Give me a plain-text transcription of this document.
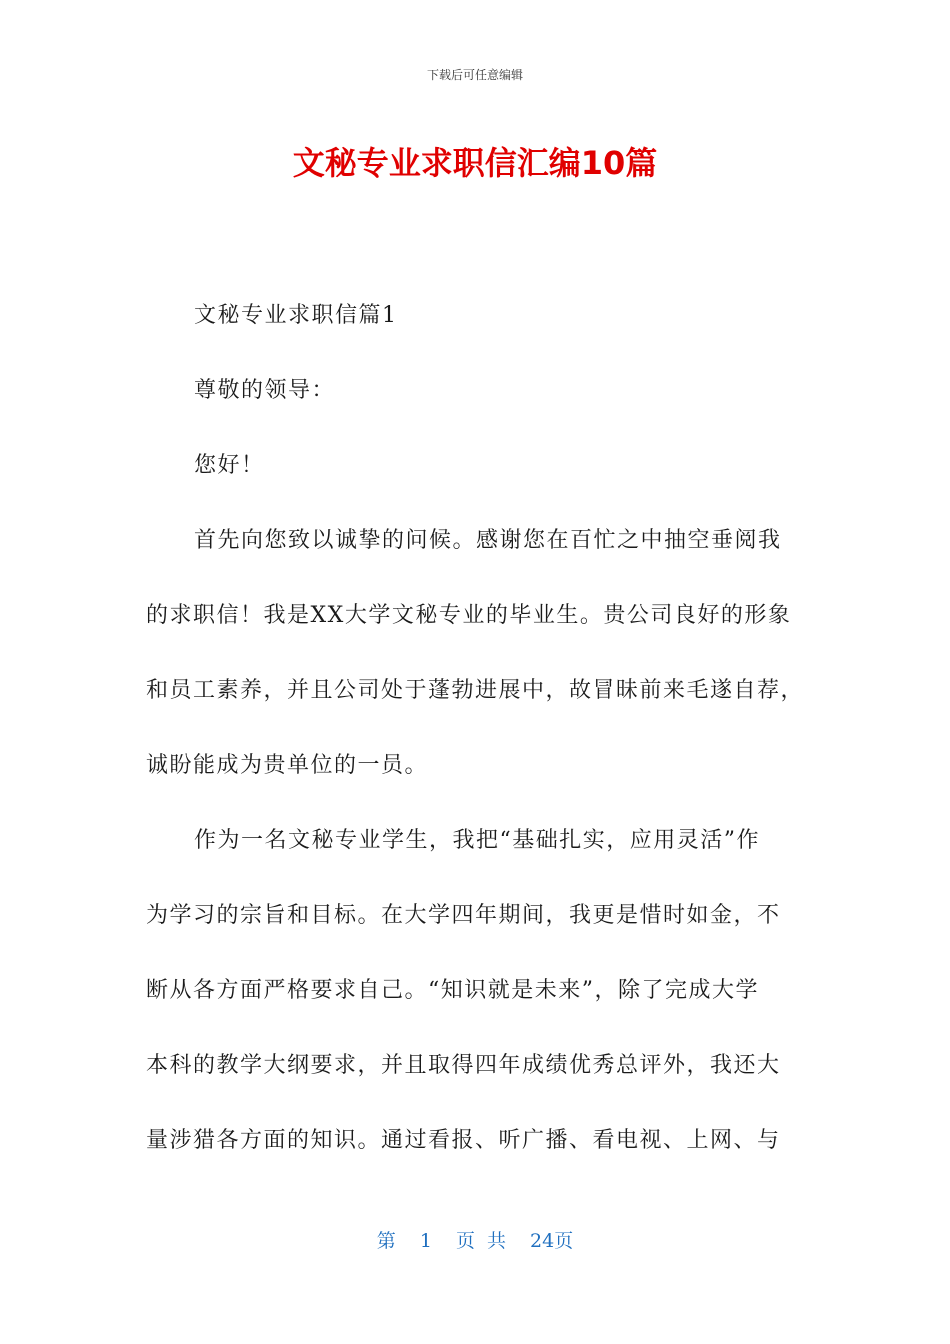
下载后可任意编辑
文秘专业求职信汇编10篇
文秘专业求职信篇1
尊敬的领导：
您好！
首先向您致以诚挚的问候。感谢您在百忙之中抽空垂阅我
的求职信！我是XX大学文秘专业的毕业生。贵公司良好的形象
和员工素养，并且公司处于蓬勃进展中，故冒昧前来毛遂自荐，
诚盼能成为贵单位的一员。
作为一名文秘专业学生，我把“基础扎实，应用灵活”作
为学习的宗旨和目标。在大学四年期间，我更是惜时如金，不
断从各方面严格要求自己。“知识就是未来”，除了完成大学
本科的教学大纲要求，并且取得四年成绩优秀总评外，我还大
量涉猎各方面的知识。通过看报、听广播、看电视、上网、与
第 1 页 共 24页
